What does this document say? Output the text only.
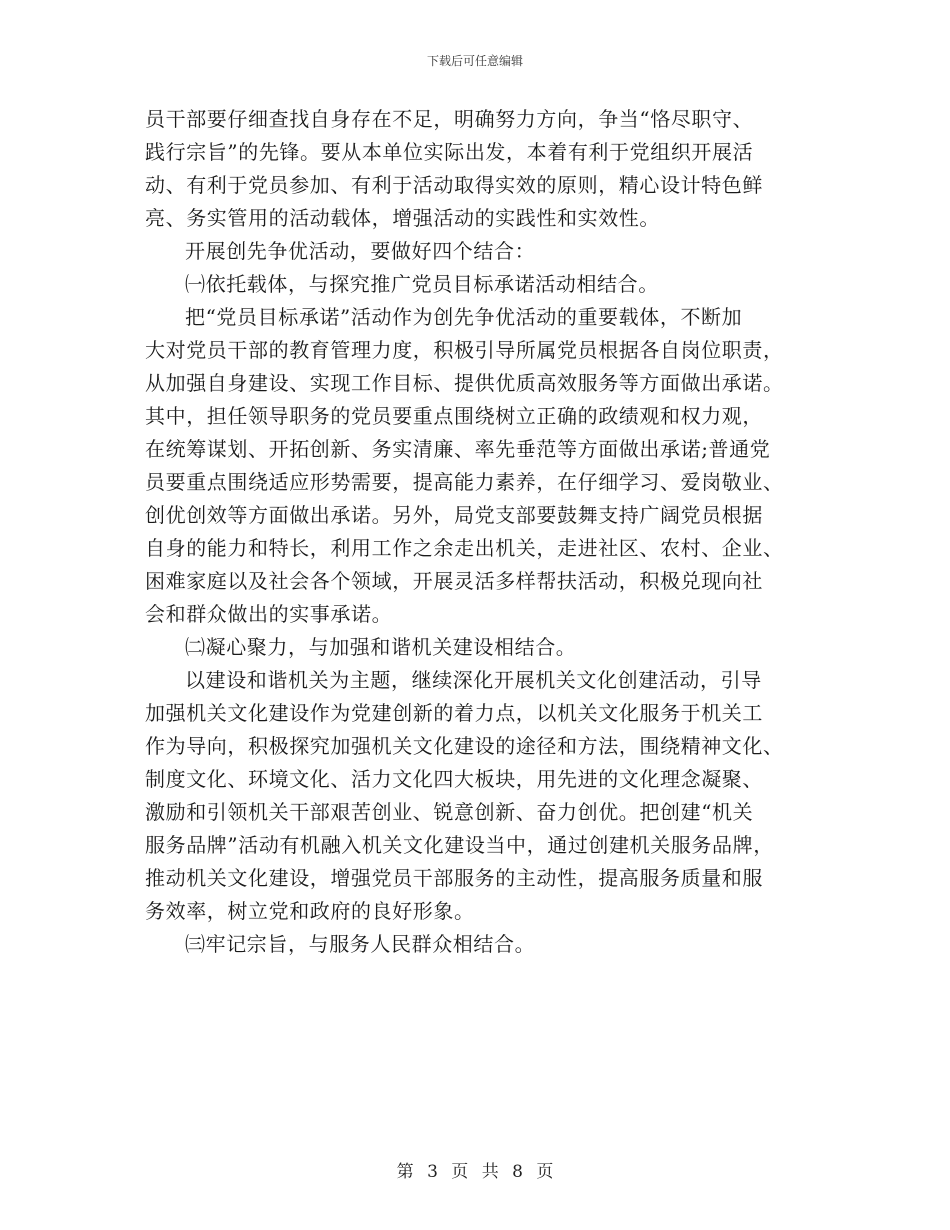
下载后可任意编辑
员干部要仔细查找自身存在不足，明确努力方向，争当“恪尽职守、
践行宗旨”的先锋。要从本单位实际出发，本着有利于党组织开展活
动、有利于党员参加、有利于活动取得实效的原则，精心设计特色鲜
亮、务实管用的活动载体，增强活动的实践性和实效性。
开展创先争优活动，要做好四个结合：
㈠依托载体，与探究推广党员目标承诺活动相结合。
把“党员目标承诺”活动作为创先争优活动的重要载体，不断加
大对党员干部的教育管理力度，积极引导所属党员根据各自岗位职责，
从加强自身建设、实现工作目标、提供优质高效服务等方面做出承诺。
其中，担任领导职务的党员要重点围绕树立正确的政绩观和权力观，
在统筹谋划、开拓创新、务实清廉、率先垂范等方面做出承诺;普通党
员要重点围绕适应形势需要，提高能力素养，在仔细学习、爱岗敬业、
创优创效等方面做出承诺。另外，局党支部要鼓舞支持广阔党员根据
自身的能力和特长，利用工作之余走出机关，走进社区、农村、企业、
困难家庭以及社会各个领域，开展灵活多样帮扶活动，积极兑现向社
会和群众做出的实事承诺。
㈡凝心聚力，与加强和谐机关建设相结合。
以建设和谐机关为主题，继续深化开展机关文化创建活动，引导
加强机关文化建设作为党建创新的着力点，以机关文化服务于机关工
作为导向，积极探究加强机关文化建设的途径和方法，围绕精神文化、
制度文化、环境文化、活力文化四大板块，用先进的文化理念凝聚、
激励和引领机关干部艰苦创业、锐意创新、奋力创优。把创建“机关
服务品牌”活动有机融入机关文化建设当中，通过创建机关服务品牌，
推动机关文化建设，增强党员干部服务的主动性，提高服务质量和服
务效率，树立党和政府的良好形象。
㈢牢记宗旨，与服务人民群众相结合。
第 3 页 共 8 页
